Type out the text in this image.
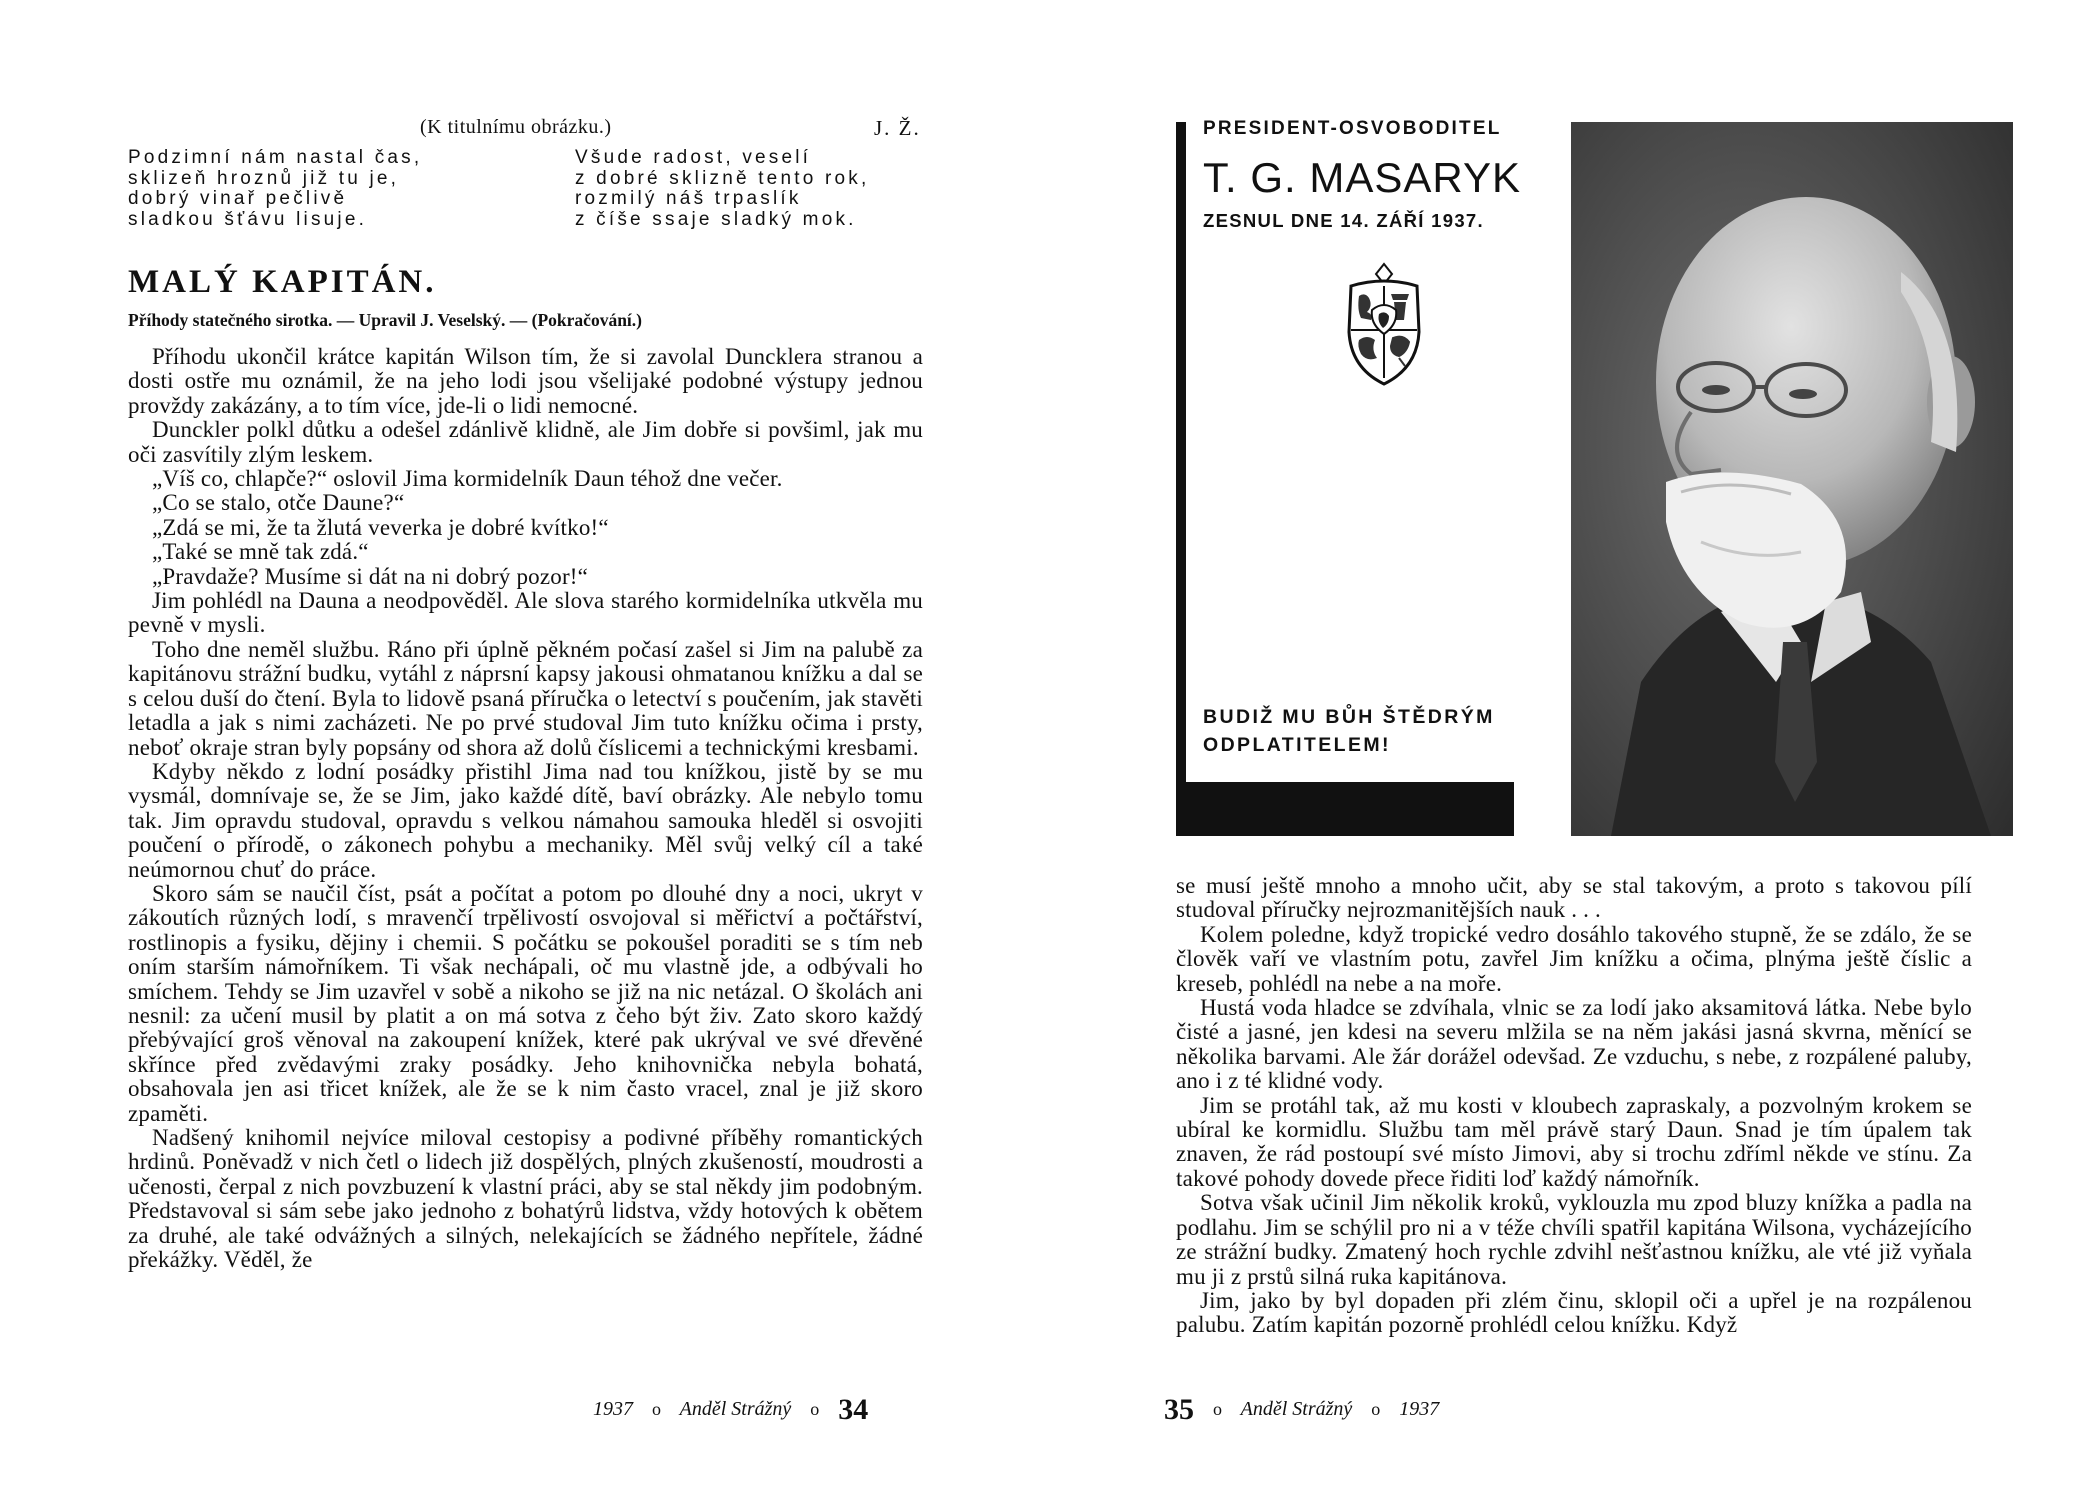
(K titulnímu obrázku.)	J. Ž.
Podzimní nám nastal čas,
sklizeň hroznů již tu je,
dobrý vinař pečlivě
sladkou šťávu lisuje.
Všude radost, veselí
z dobré sklizně tento rok,
rozmilý náš trpaslík
z číše ssaje sladký mok.
MALÝ KAPITÁN.
Příhody statečného sirotka. — Upravil J. Veselský. — (Pokračování.)

Příhodu ukončil krátce kapitán Wilson tím, že si zavolal Duncklera stranou a dosti ostře mu oznámil, že na jeho lodi jsou všelijaké podobné výstupy jednou provždy zakázány, a to tím více, jde-li o lidi nemocné.

Dunckler polkl důtku a odešel zdánlivě klidně, ale Jim dobře si povšiml, jak mu oči zasvítily zlým leskem.

„Víš co, chlapče?“ oslovil Jima kormidelník Daun téhož dne večer.

„Co se stalo, otče Daune?“

„Zdá se mi, že ta žlutá veverka je dobré kvítko!“

„Také se mně tak zdá.“

„Pravdaže? Musíme si dát na ni dobrý pozor!“

Jim pohlédl na Dauna a neodpověděl. Ale slova starého kormidelníka utkvěla mu pevně v mysli.

Toho dne neměl službu. Ráno při úplně pěkném počasí zašel si Jim na palubě za kapitánovu strážní budku, vytáhl z náprsní kapsy jakousi ohmatanou knížku a dal se s celou duší do čtení. Byla to lidově psaná příručka o letectví s poučením, jak stavěti letadla a jak s nimi zacházeti. Ne po prvé studoval Jim tuto knížku očima i prsty, neboť okraje stran byly popsány od shora až dolů číslicemi a technickými kresbami.

Kdyby někdo z lodní posádky přistihl Jima nad tou knížkou, jistě by se mu vysmál, domnívaje se, že se Jim, jako každé dítě, baví obrázky. Ale nebylo tomu tak. Jim opravdu studoval, opravdu s velkou námahou samouka hleděl si osvojiti poučení o přírodě, o zákonech pohybu a mechaniky. Měl svůj velký cíl a také neúmornou chuť do práce.

Skoro sám se naučil číst, psát a počítat a potom po dlouhé dny a noci, ukryt v zákoutích různých lodí, s mravenčí trpělivostí osvojoval si měřictví a počtářství, rostlinopis a fysiku, dějiny i chemii. S počátku se pokoušel poraditi se s tím neb oním starším námořníkem. Ti však nechápali, oč mu vlastně jde, a odbývali ho smíchem. Tehdy se Jim uzavřel v sobě a nikoho se již na nic netázal. O školách ani nesnil: za učení musil by platit a on má sotva z čeho být živ. Zato skoro každý přebývající groš věnoval na zakoupení knížek, které pak ukrýval ve své dřevěné skřínce před zvědavými zraky posádky. Jeho knihovnička nebyla bohatá, obsahovala jen asi třicet knížek, ale že se k nim často vracel, znal je již skoro zpaměti.

Nadšený knihomil nejvíce miloval cestopisy a podivné příběhy romantických hrdinů. Poněvadž v nich četl o lidech již dospělých, plných zkušeností, moudrosti a učenosti, čerpal z nich povzbuzení k vlastní práci, aby se stal někdy jim podobným. Představoval si sám sebe jako jednoho z bohatýrů lidstva, vždy hotových k obětem za druhé, ale také odvážných a silných, nelekajících se žádného nepřítele, žádné překážky. Věděl, že

1937 o Anděl Strážný o 34
PRESIDENT-OSVOBODITEL
T. G. MASARYK
ZESNUL DNE 14. ZÁŘÍ 1937.
BUDIŽ MU BŮH ŠTĚDRÝM
ODPLATITELEM!

se musí ještě mnoho a mnoho učit, aby se stal takovým, a proto s takovou pílí studoval příručky nejrozmanitějších nauk . . .

Kolem poledne, když tropické vedro dosáhlo takového stupně, že se zdálo, že se člověk vaří ve vlastním potu, zavřel Jim knížku a očima, plnýma ještě číslic a kreseb, pohlédl na nebe a na moře.

Hustá voda hladce se zdvíhala, vlnic se za lodí jako aksamitová látka. Nebe bylo čisté a jasné, jen kdesi na severu mlžila se na něm jakási jasná skvrna, měnící se několika barvami. Ale žár dorážel odevšad. Ze vzduchu, s nebe, z rozpálené paluby, ano i z té klidné vody.

Jim se protáhl tak, až mu kosti v kloubech zapraskaly, a pozvolným krokem se ubíral ke kormidlu. Službu tam měl právě starý Daun. Snad je tím úpalem tak znaven, že rád postoupí své místo Jimovi, aby si trochu zdříml někde ve stínu. Za takové pohody dovede přece řiditi loď každý námořník.

Sotva však učinil Jim několik kroků, vyklouzla mu zpod bluzy knížka a padla na podlahu. Jim se schýlil pro ni a v téže chvíli spatřil kapitána Wilsona, vycházejícího ze strážní budky. Zmatený hoch rychle zdvihl nešťastnou knížku, ale vté již vyňala mu ji z prstů silná ruka kapitánova.

Jim, jako by byl dopaden při zlém činu, sklopil oči a upřel je na rozpálenou palubu. Zatím kapitán pozorně prohlédl celou knížku. Když

35 o Anděl Strážný o 1937
